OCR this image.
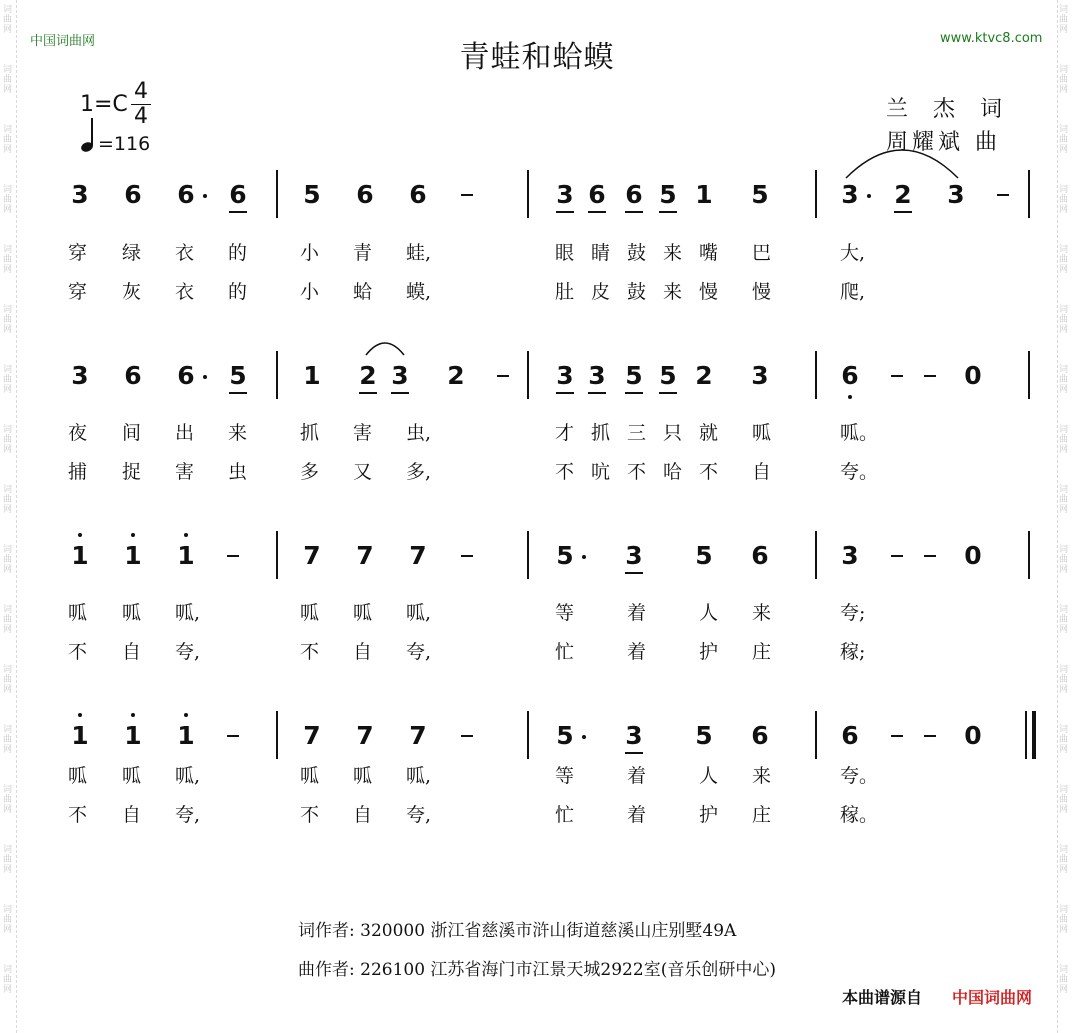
词
曲
网
词
曲
网
词
曲
网
词
曲
网
词
曲
网
词
曲
网
词
曲
网
词
曲
网
词
曲
网
词
曲
网
词
曲
网
词
曲
网
词
曲
网
词
曲
网
词
曲
网
词
曲
网
词
曲
网
词
曲
网
词
曲
网
词
曲
网
词
曲
网
词
曲
网
词
曲
网
词
曲
网
词
曲
网
词
曲
网
词
曲
网
词
曲
网
词
曲
网
词
曲
网
词
曲
网
词
曲
网
词
曲
网
词
曲
网
中国词曲网	www.ktvc8.com
青蛙和蛤蟆
1=C
4
4
=116
兰 杰 词
周耀斌 曲
3 6 6 6 5 6 6	3 6 6 5 1 5	3 2 3
穿	绿	衣	的	小	青	蛙,	眼 睛 鼓 来 嘴	巴	大,
穿	灰	衣	的	小	蛤	蟆,	肚 皮 鼓 来 慢	慢	爬,
3 6 6 5 1 2 3 2	3 3 5 5 2 3	6	0
夜	间	出	来	抓	害	虫,	才 抓 三 只 就	呱	呱。
捕	捉	害	虫	多	又	多,	不 吭 不 哈 不	自	夸。
1 1 1	7 7 7	5 3 5 6	3	0
呱	呱	呱,	呱	呱	呱,	等	着	人	来	夸;
不	自	夸,	不	自	夸,	忙	着	护	庄	稼;
1 1 1	7 7 7	5 3 5 6	6	0
呱	呱	呱,	呱	呱	呱,	等	着	人	来	夸。
不	自	夸,	不	自	夸,	忙	着	护	庄	稼。
词作者: 320000 浙江省慈溪市浒山街道慈溪山庄别墅49A
曲作者: 226100 江苏省海门市江景天城2922室(音乐创研中心)
本曲谱源自 中国词曲网
